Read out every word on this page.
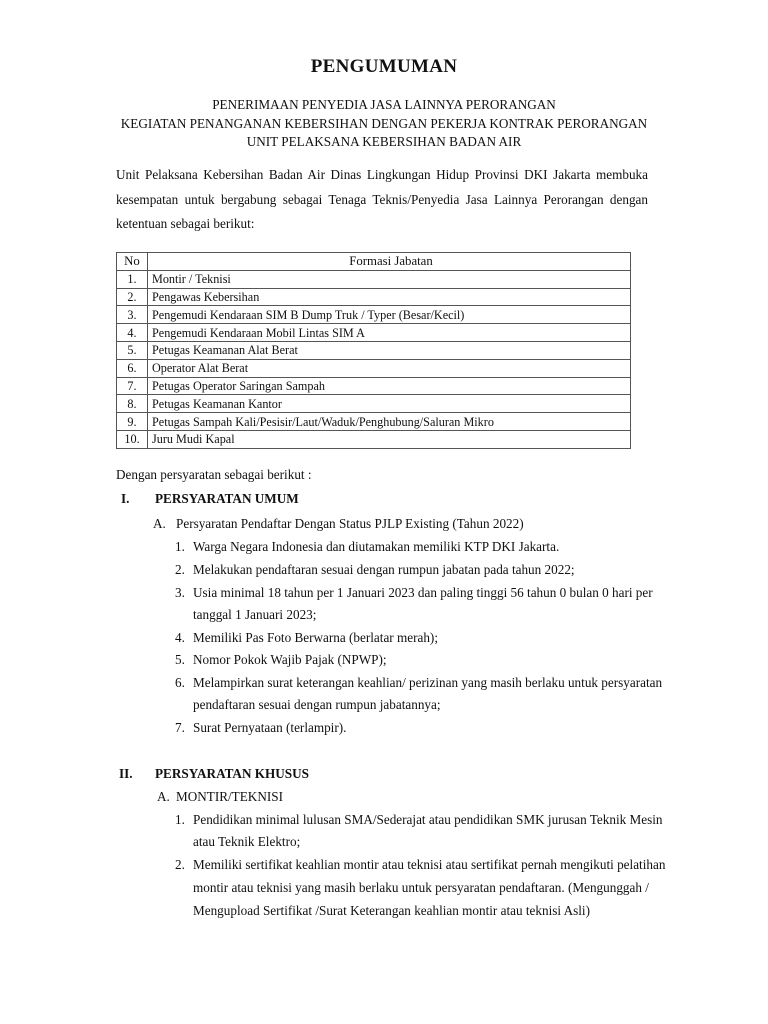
PENGUMUMAN
PENERIMAAN PENYEDIA JASA LAINNYA PERORANGAN
KEGIATAN PENANGANAN KEBERSIHAN DENGAN PEKERJA KONTRAK PERORANGAN
UNIT PELAKSANA KEBERSIHAN BADAN AIR
Unit Pelaksana Kebersihan Badan Air Dinas Lingkungan Hidup Provinsi DKI Jakarta membuka kesempatan untuk bergabung sebagai Tenaga Teknis/Penyedia Jasa Lainnya Perorangan dengan ketentuan sebagai berikut:
No	Formasi Jabatan
1.	Montir / Teknisi
2.	Pengawas Kebersihan
3.	Pengemudi Kendaraan SIM B Dump Truk / Typer (Besar/Kecil)
4.	Pengemudi Kendaraan Mobil Lintas SIM A
5.	Petugas Keamanan Alat Berat
6.	Operator Alat Berat
7.	Petugas Operator Saringan Sampah
8.	Petugas Keamanan Kantor
9.	Petugas Sampah Kali/Pesisir/Laut/Waduk/Penghubung/Saluran Mikro
10.	Juru Mudi Kapal
Dengan persyaratan sebagai berikut :
I. PERSYARATAN UMUM
A. Persyaratan Pendaftar Dengan Status PJLP Existing (Tahun 2022)
1. Warga Negara Indonesia dan diutamakan memiliki KTP DKI Jakarta.
2. Melakukan pendaftaran sesuai dengan rumpun jabatan pada tahun 2022;
3. Usia minimal 18 tahun per 1 Januari 2023 dan paling tinggi 56 tahun 0 bulan 0 hari per
tanggal 1 Januari 2023;
4. Memiliki Pas Foto Berwarna (berlatar merah);
5. Nomor Pokok Wajib Pajak (NPWP);
6. Melampirkan surat keterangan keahlian/ perizinan yang masih berlaku untuk persyaratan
pendaftaran sesuai dengan rumpun jabatannya;
7. Surat Pernyataan (terlampir).
II. PERSYARATAN KHUSUS
A. MONTIR/TEKNISI
1. Pendidikan minimal lulusan SMA/Sederajat atau pendidikan SMK jurusan Teknik Mesin
atau Teknik Elektro;
2. Memiliki sertifikat keahlian montir atau teknisi atau sertifikat pernah mengikuti pelatihan
montir atau teknisi yang masih berlaku untuk persyaratan pendaftaran. (Mengunggah /
Mengupload Sertifikat /Surat Keterangan keahlian montir atau teknisi Asli)
